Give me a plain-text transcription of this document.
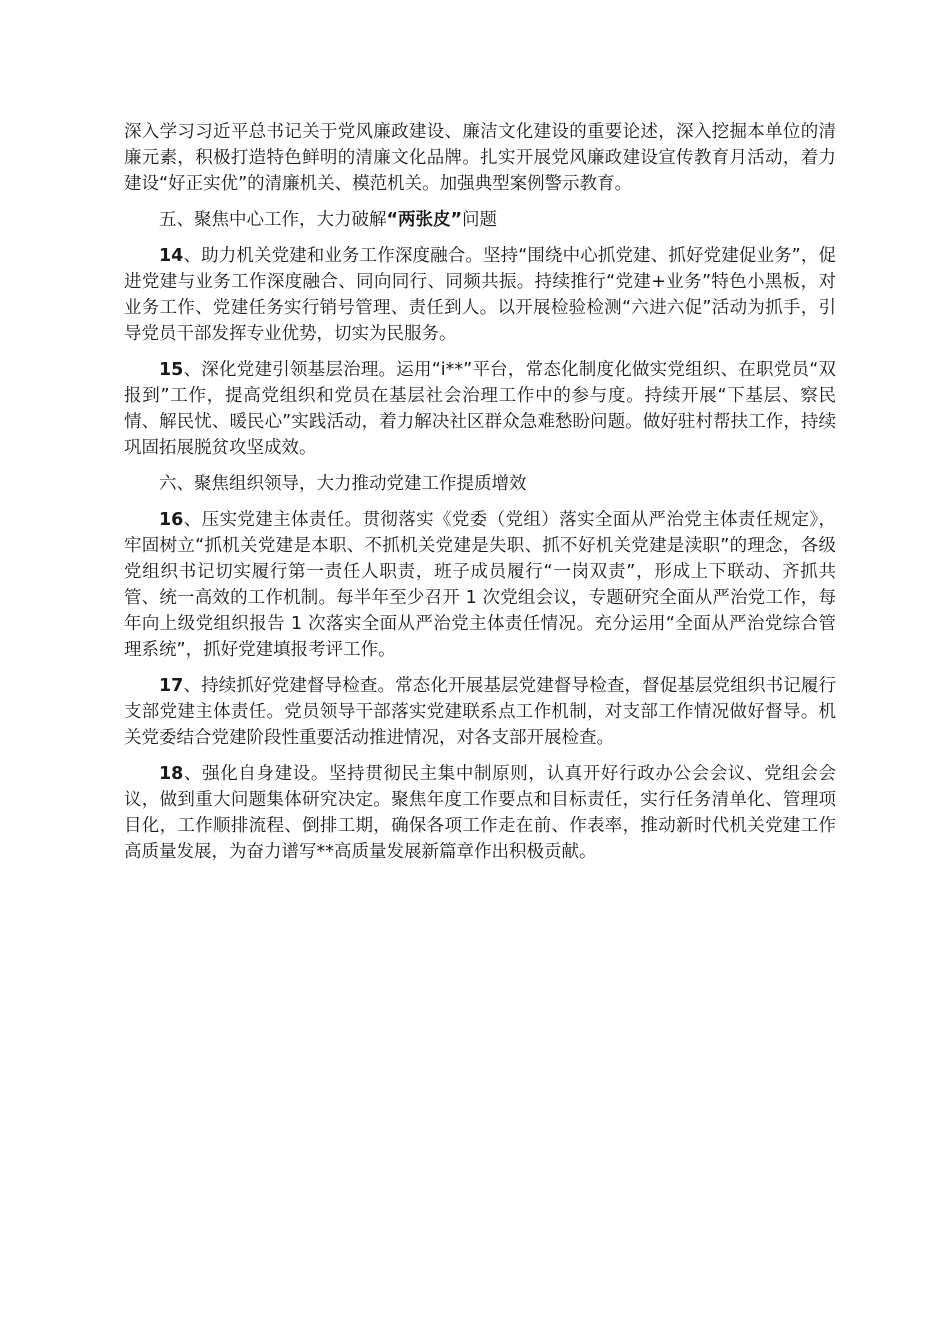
深入学习习近平总书记关于党风廉政建设、廉洁文化建设的重要论述，深入挖掘本单位的清廉元素，积极打造特色鲜明的清廉文化品牌。扎实开展党风廉政建设宣传教育月活动，着力建设“好正实优”的清廉机关、模范机关。加强典型案例警示教育。

五、聚焦中心工作，大力破解“两张皮”问题

14、助力机关党建和业务工作深度融合。坚持“围绕中心抓党建、抓好党建促业务”，促进党建与业务工作深度融合、同向同行、同频共振。持续推行“党建+业务”特色小黑板，对业务工作、党建任务实行销号管理、责任到人。以开展检验检测“六进六促”活动为抓手，引导党员干部发挥专业优势，切实为民服务。

15、深化党建引领基层治理。运用“i**”平台，常态化制度化做实党组织、在职党员“双报到”工作，提高党组织和党员在基层社会治理工作中的参与度。持续开展“下基层、察民情、解民忧、暖民心”实践活动，着力解决社区群众急难愁盼问题。做好驻村帮扶工作，持续巩固拓展脱贫攻坚成效。

六、聚焦组织领导，大力推动党建工作提质增效

16、压实党建主体责任。贯彻落实《党委（党组）落实全面从严治党主体责任规定》，牢固树立“抓机关党建是本职、不抓机关党建是失职、抓不好机关党建是渎职”的理念，各级党组织书记切实履行第一责任人职责，班子成员履行“一岗双责”，形成上下联动、齐抓共管、统一高效的工作机制。每半年至少召开 1 次党组会议，专题研究全面从严治党工作，每年向上级党组织报告 1 次落实全面从严治党主体责任情况。充分运用“全面从严治党综合管理系统”，抓好党建填报考评工作。

17、持续抓好党建督导检查。常态化开展基层党建督导检查，督促基层党组织书记履行支部党建主体责任。党员领导干部落实党建联系点工作机制，对支部工作情况做好督导。机关党委结合党建阶段性重要活动推进情况，对各支部开展检查。

18、强化自身建设。坚持贯彻民主集中制原则，认真开好行政办公会会议、党组会会议，做到重大问题集体研究决定。聚焦年度工作要点和目标责任，实行任务清单化、管理项目化，工作顺排流程、倒排工期，确保各项工作走在前、作表率，推动新时代机关党建工作高质量发展，为奋力谱写**高质量发展新篇章作出积极贡献。
